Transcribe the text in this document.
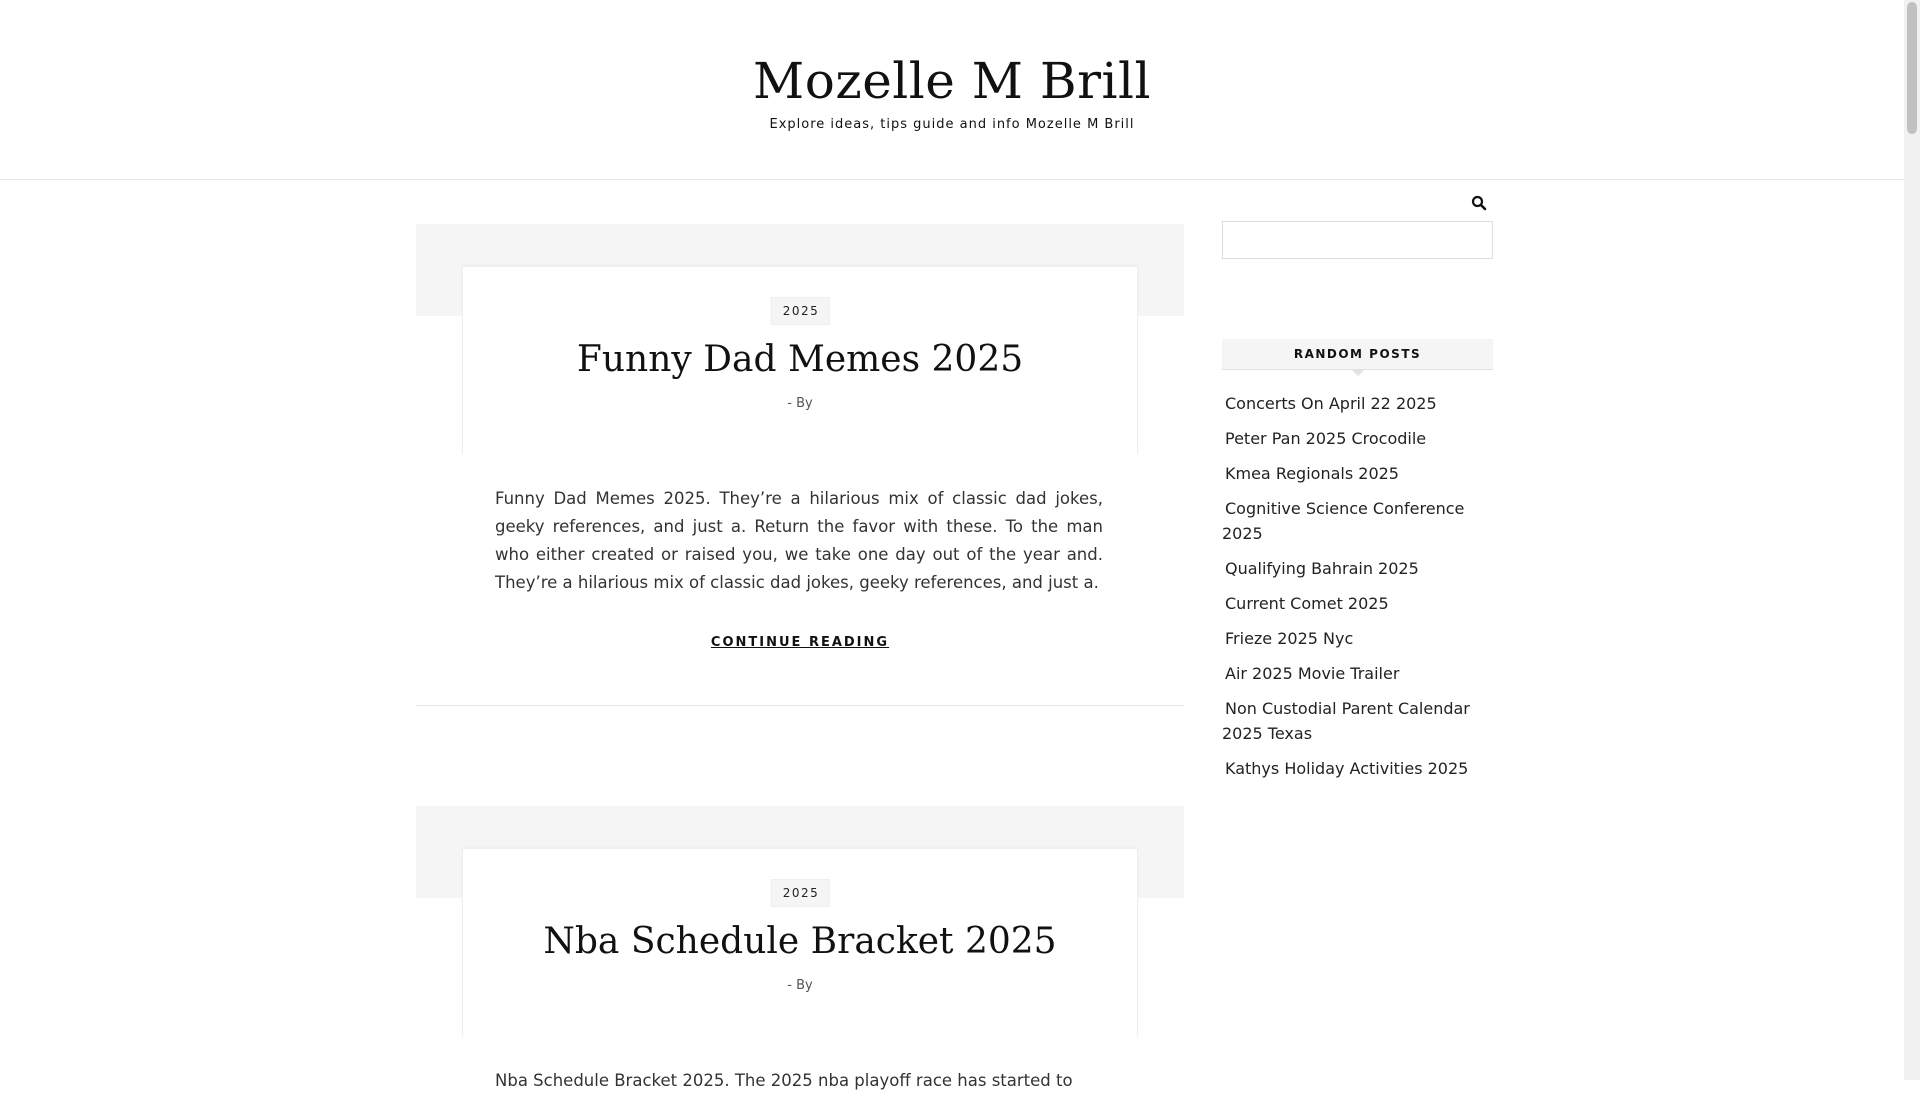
Mozelle M Brill
Explore ideas, tips guide and info Mozelle M Brill
2025
Funny Dad Memes 2025
- By

Funny Dad Memes 2025. They’re a hilarious mix of classic dad jokes, geeky references, and just a. Return the favor with these. To the man who either created or raised you, we take one day out of the year and. They’re a hilarious mix of classic dad jokes, geeky references, and just a.

CONTINUE READING
2025
Nba Schedule Bracket 2025
- By

Nba Schedule Bracket 2025. The 2025 nba playoff race has started to

RANDOM POSTS
Concerts On April 22 2025
Peter Pan 2025 Crocodile
Kmea Regionals 2025
Cognitive Science Conference 2025
Qualifying Bahrain 2025
Current Comet 2025
Frieze 2025 Nyc
Air 2025 Movie Trailer
Non Custodial Parent Calendar 2025 Texas
Kathys Holiday Activities 2025
